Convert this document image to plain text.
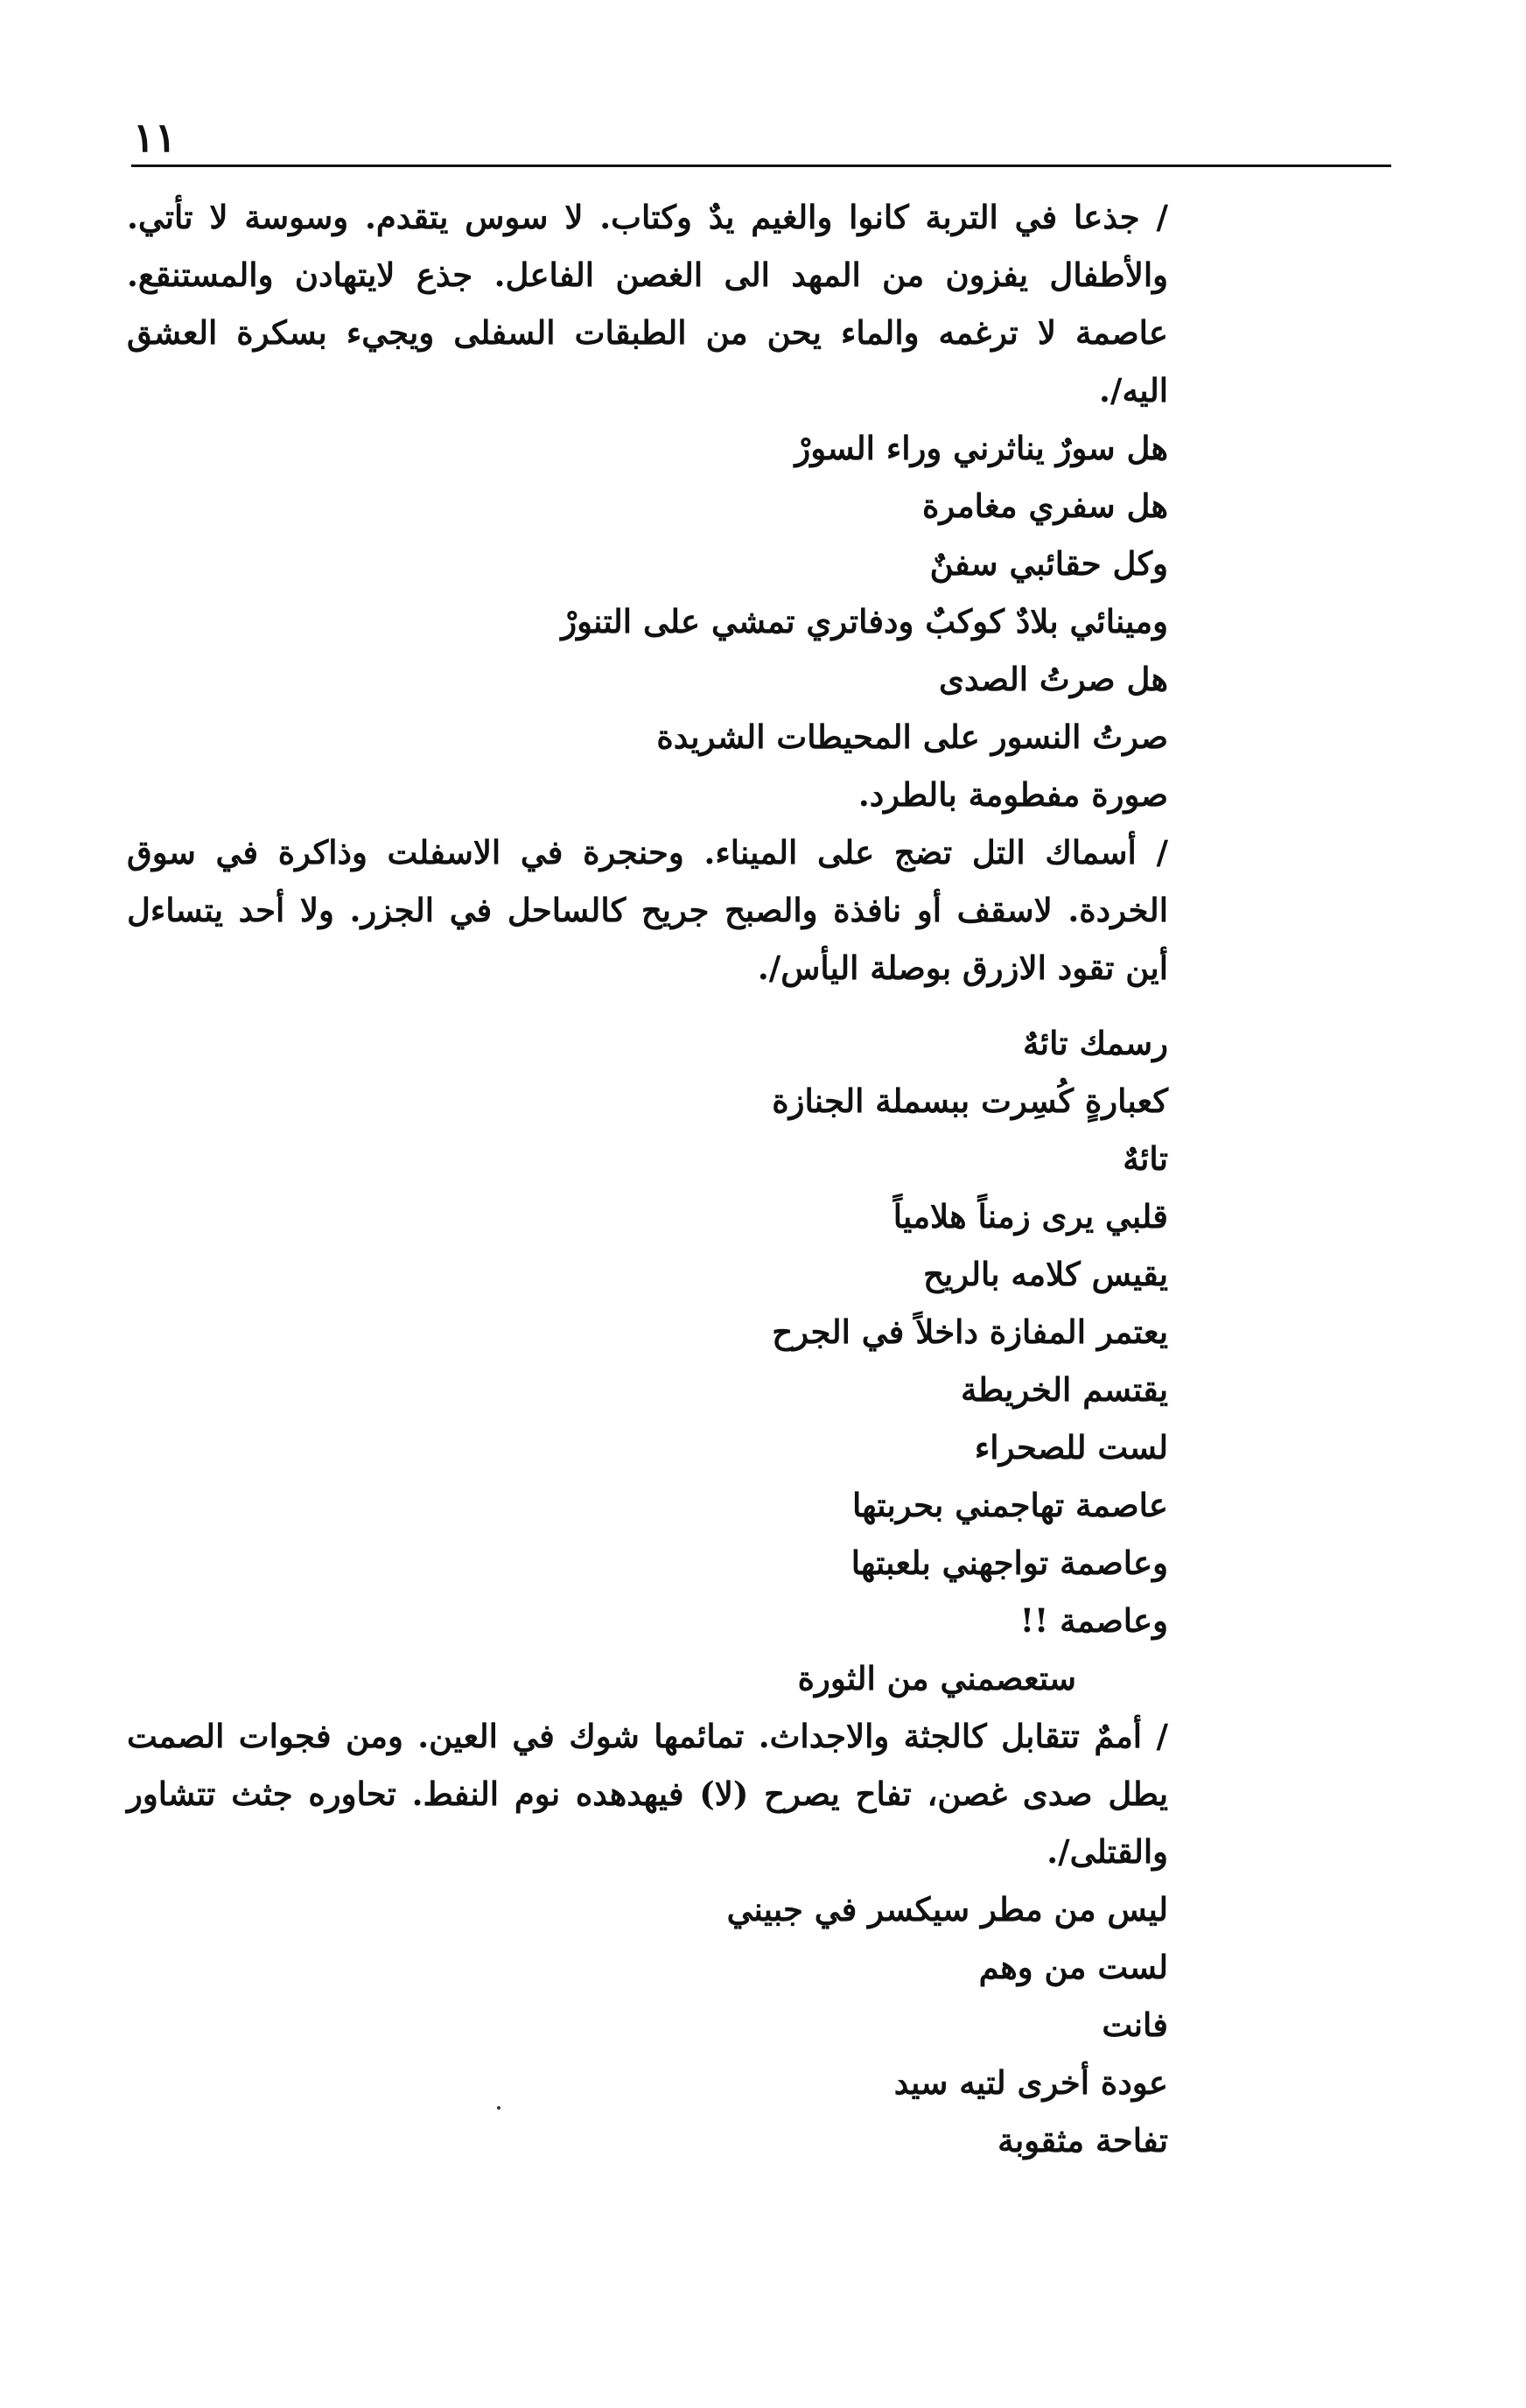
١١

/ جذعا في التربة كانوا والغيم يدٌ وكتاب. لا سوس يتقدم. وسوسة لا تأتي. والأطفال يفزون من المهد الى الغصن الفاعل. جذع لايتهادن والمستنقع. عاصمة لا ترغمه والماء يحن من الطبقات السفلى ويجيء بسكرة العشق اليه/.

هل سورٌ يناثرني وراء السورْ
هل سفري مغامرة
وكل حقائبي سفنٌ
ومينائي بلادٌ كوكبٌ ودفاتري تمشي على التنورْ
هل صرتُ الصدى
صرتُ النسور على المحيطات الشريدة
صورة مفطومة بالطرد.

/ أسماك التل تضج على الميناء. وحنجرة في الاسفلت وذاكرة في سوق الخردة. لاسقف أو نافذة والصبح جريح كالساحل في الجزر. ولا أحد يتساءل أين تقود الازرق بوصلة اليأس/.

رسمك تائهٌ
كعبارةٍ كُسِرت ببسملة الجنازة
تائهٌ
قلبي يرى زمناً هلامياً
يقيس كلامه بالريح
يعتمر المفازة داخلاً في الجرح
يقتسم الخريطة
لست للصحراء
عاصمة تهاجمني بحربتها
وعاصمة تواجهني بلعبتها
وعاصمة !!
ستعصمني من الثورة

/ أممٌ تتقابل كالجثة والاجداث. تمائمها شوك في العين. ومن فجوات الصمت يطل صدى غصن، تفاح يصرح (لا) فيهدهده نوم النفط. تحاوره جثث تتشاور والقتلى/.

ليس من مطر سيكسر في جبيني
لست من وهم
فانت
عودة أخرى لتيه سيد
تفاحة مثقوبة
